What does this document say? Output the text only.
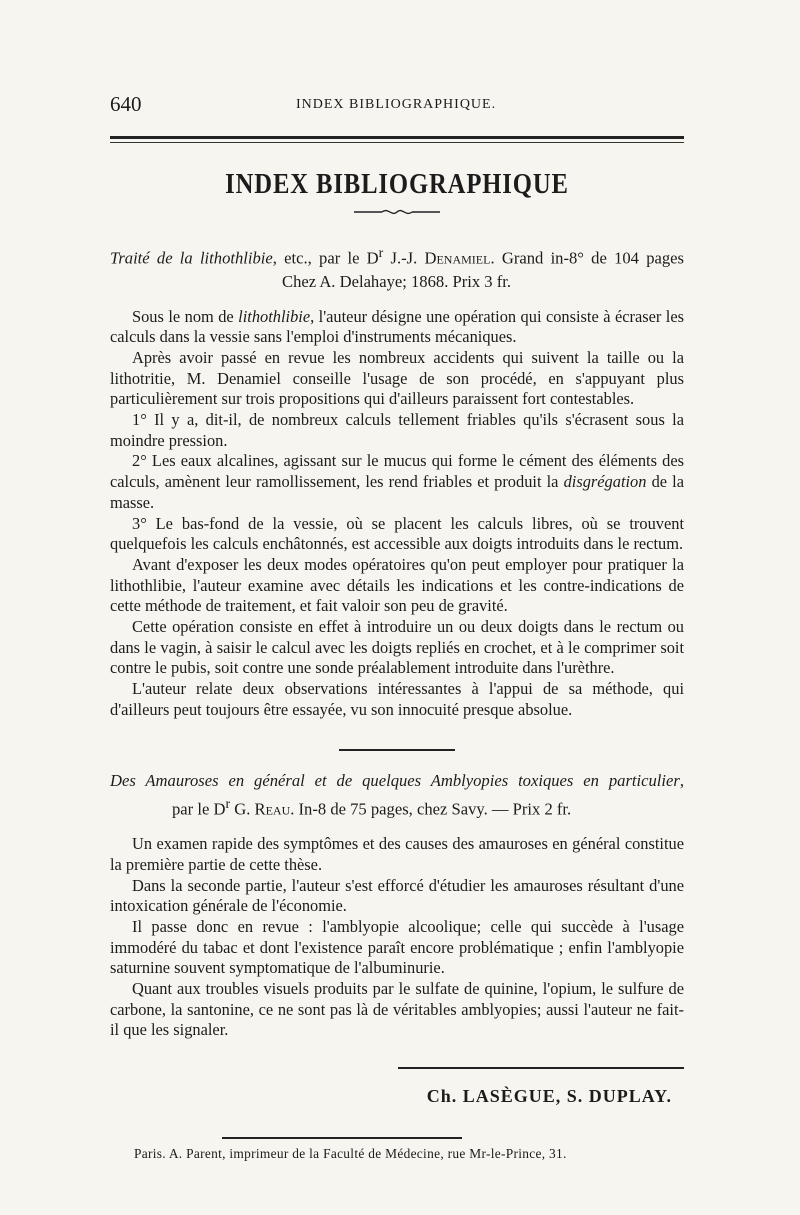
640	INDEX BIBLIOGRAPHIQUE.
INDEX BIBLIOGRAPHIQUE
Traité de la lithothlibie, etc., par le $D^r$ J.-J. Denamiel. Grand in-8° de 104 pages
Chez A. Delahaye; 1868. Prix 3 fr.

Sous le nom de lithothlibie, l'auteur désigne une opération qui consiste à écraser les calculs dans la vessie sans l'emploi d'instruments mécaniques.

Après avoir passé en revue les nombreux accidents qui suivent la taille ou la lithotritie, M. Denamiel conseille l'usage de son procédé, en s'appuyant plus particulièrement sur trois propositions qui d'ailleurs paraissent fort contestables.

1° Il y a, dit-il, de nombreux calculs tellement friables qu'ils s'écrasent sous la moindre pression.

2° Les eaux alcalines, agissant sur le mucus qui forme le cément des éléments des calculs, amènent leur ramollissement, les rend friables et produit la disgrégation de la masse.

3° Le bas-fond de la vessie, où se placent les calculs libres, où se trouvent quelquefois les calculs enchâtonnés, est accessible aux doigts introduits dans le rectum.

Avant d'exposer les deux modes opératoires qu'on peut employer pour pratiquer la lithothlibie, l'auteur examine avec détails les indications et les contre-indications de cette méthode de traitement, et fait valoir son peu de gravité.

Cette opération consiste en effet à introduire un ou deux doigts dans le rectum ou dans le vagin, à saisir le calcul avec les doigts repliés en crochet, et à le comprimer soit contre le pubis, soit contre une sonde préalablement introduite dans l'urèthre.

L'auteur relate deux observations intéressantes à l'appui de sa méthode, qui d'ailleurs peut toujours être essayée, vu son innocuité presque absolue.

Des Amauroses en général et de quelques Amblyopies toxiques en particulier,
par le $D^r$ G. Reau. In-8 de 75 pages, chez Savy. — Prix 2 fr.

Un examen rapide des symptômes et des causes des amauroses en général constitue la première partie de cette thèse.

Dans la seconde partie, l'auteur s'est efforcé d'étudier les amauroses résultant d'une intoxication générale de l'économie.

Il passe donc en revue : l'amblyopie alcoolique; celle qui succède à l'usage immodéré du tabac et dont l'existence paraît encore problématique ; enfin l'amblyopie saturnine souvent symptomatique de l'albuminurie.

Quant aux troubles visuels produits par le sulfate de quinine, l'opium, le sulfure de carbone, la santonine, ce ne sont pas là de véritables amblyopies; aussi l'auteur ne fait-il que les signaler.

Ch. LASÈGUE, S. DUPLAY.
Paris. A. Parent, imprimeur de la Faculté de Médecine, rue Mr-le-Prince, 31.
